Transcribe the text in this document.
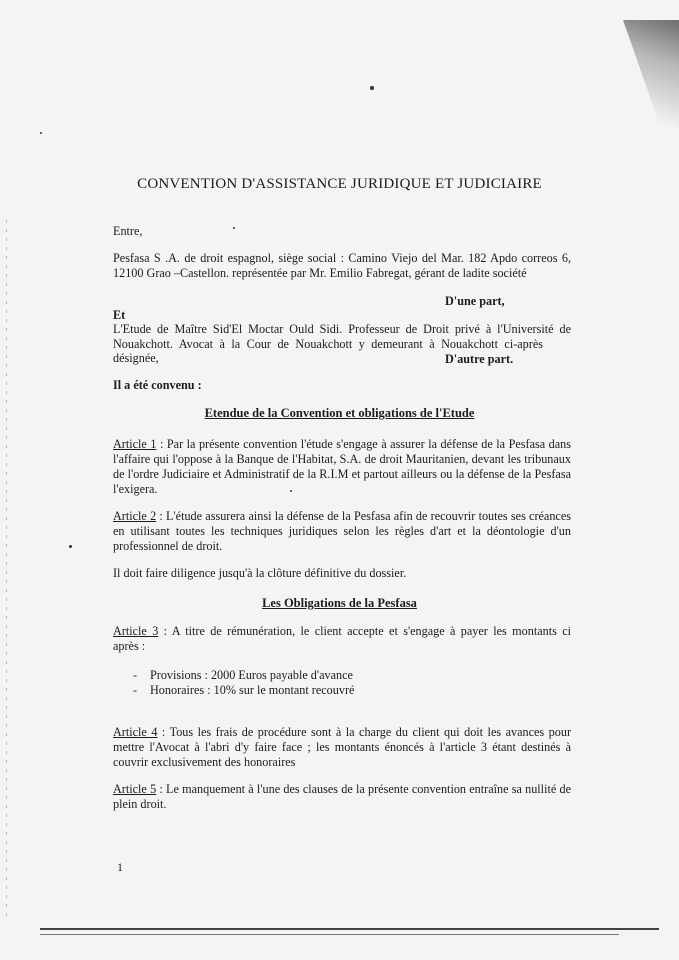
CONVENTION D'ASSISTANCE JURIDIQUE ET JUDICIAIRE
Entre,
Pesfasa S .A. de droit espagnol, siège social : Camino Viejo del Mar. 182 Apdo correos 6,
12100 Grao –Castellon. représentée par Mr. Emilio Fabregat, gérant de ladite société
D'une part,
Et
L'Etude de Maître Sid'El Moctar Ould Sidi. Professeur de Droit privé à l'Université de
Nouakchott. Avocat à la Cour de Nouakchott y demeurant à Nouakchott ci-après désignée,	D'autre part.
Il a été convenu :
Etendue de la Convention et obligations de l'Etude
Article 1 : Par la présente convention l'étude s'engage à assurer la défense de la Pesfasa dans
l'affaire qui l'oppose à la Banque de l'Habitat, S.A. de droit Mauritanien, devant les tribunaux
de l'ordre Judiciaire et Administratif de la R.I.M et partout ailleurs ou la défense de la Pesfasa
l'exigera.
Article 2 : L'étude assurera ainsi la défense de la Pesfasa afin de recouvrir toutes ses créances
en utilisant toutes les techniques juridiques selon les règles d'art et la déontologie d'un
professionnel de droit.
Il doit faire diligence jusqu'à la clôture définitive du dossier.
Les Obligations de la Pesfasa
Article 3 : A titre de rémunération, le client accepte et s'engage à payer les montants ci
après :
- Provisions : 2000 Euros payable d'avance
- Honoraires : 10% sur le montant recouvré
Article 4 : Tous les frais de procédure sont à la charge du client qui doit les avances pour
mettre l'Avocat à l'abri d'y faire face ; les montants énoncés à l'article 3 étant destinés à
couvrir exclusivement des honoraires
Article 5 : Le manquement à l'une des clauses de la présente convention entraîne sa nullité de
plein droit.
1
